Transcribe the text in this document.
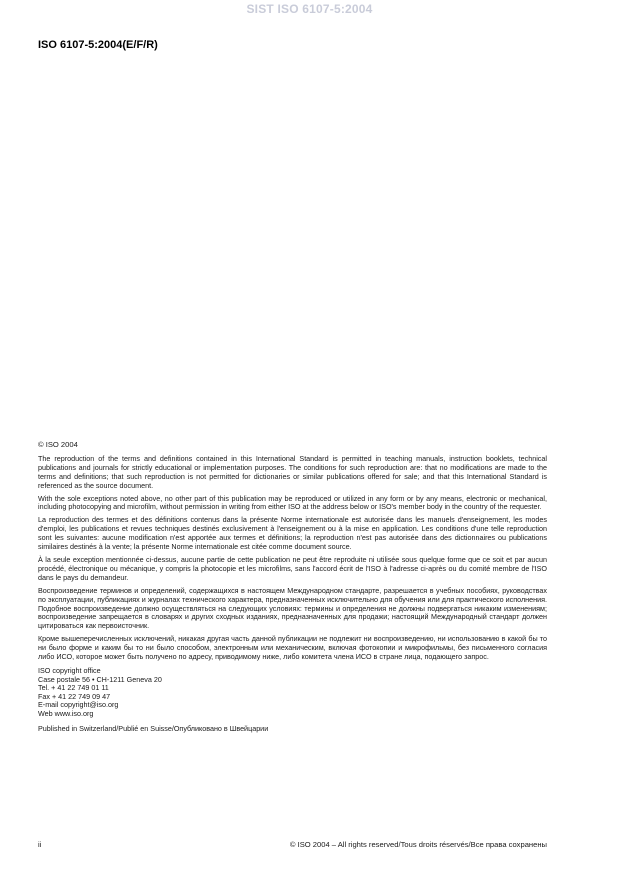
SIST ISO 6107-5:2004
ISO 6107-5:2004(E/F/R)
© ISO 2004

The reproduction of the terms and definitions contained in this International Standard is permitted in teaching manuals, instruction booklets, technical publications and journals for strictly educational or implementation purposes. The conditions for such reproduction are: that no modifications are made to the terms and definitions; that such reproduction is not permitted for dictionaries or similar publications offered for sale; and that this International Standard is referenced as the source document.

With the sole exceptions noted above, no other part of this publication may be reproduced or utilized in any form or by any means, electronic or mechanical, including photocopying and microfilm, without permission in writing from either ISO at the address below or ISO's member body in the country of the requester.

La reproduction des termes et des définitions contenus dans la présente Norme internationale est autorisée dans les manuels d'enseignement, les modes d'emploi, les publications et revues techniques destinés exclusivement à l'enseignement ou à la mise en application. Les conditions d'une telle reproduction sont les suivantes: aucune modification n'est apportée aux termes et définitions; la reproduction n'est pas autorisée dans des dictionnaires ou publications similaires destinés à la vente; la présente Norme internationale est citée comme document source.

À la seule exception mentionnée ci-dessus, aucune partie de cette publication ne peut être reproduite ni utilisée sous quelque forme que ce soit et par aucun procédé, électronique ou mécanique, y compris la photocopie et les microfilms, sans l'accord écrit de l'ISO à l'adresse ci-après ou du comité membre de l'ISO dans le pays du demandeur.

Воспроизведение терминов и определений, содержащихся в настоящем Международном стандарте, разрешается в учебных пособиях, руководствах по эксплуатации, публикациях и журналах технического характера, предназначенных исключительно для обучения или для практического исполнения. Подобное воспроизведение должно осуществляться на следующих условиях: термины и определения не должны подвергаться никаким изменениям; воспроизведение запрещается в словарях и других сходных изданиях, предназначенных для продажи; настоящий Международный стандарт должен цитироваться как первоисточник.

Кроме вышеперечисленных исключений, никакая другая часть данной публикации не подлежит ни воспроизведению, ни использованию в какой бы то ни было форме и каким бы то ни было способом, электронным или механическим, включая фотокопии и микрофильмы, без письменного согласия либо ИСО, которое может быть получено по адресу, приводимому ниже, либо комитета члена ИСО в стране лица, подающего запрос.

ISO copyright office
Case postale 56 • CH-1211 Geneva 20
Tel. + 41 22 749 01 11
Fax + 41 22 749 09 47
E-mail copyright@iso.org
Web www.iso.org
Published in Switzerland/Publié en Suisse/Опубликовано в Швейцарии
ii	© ISO 2004 – All rights reserved/Tous droits réservés/Все права сохранены
